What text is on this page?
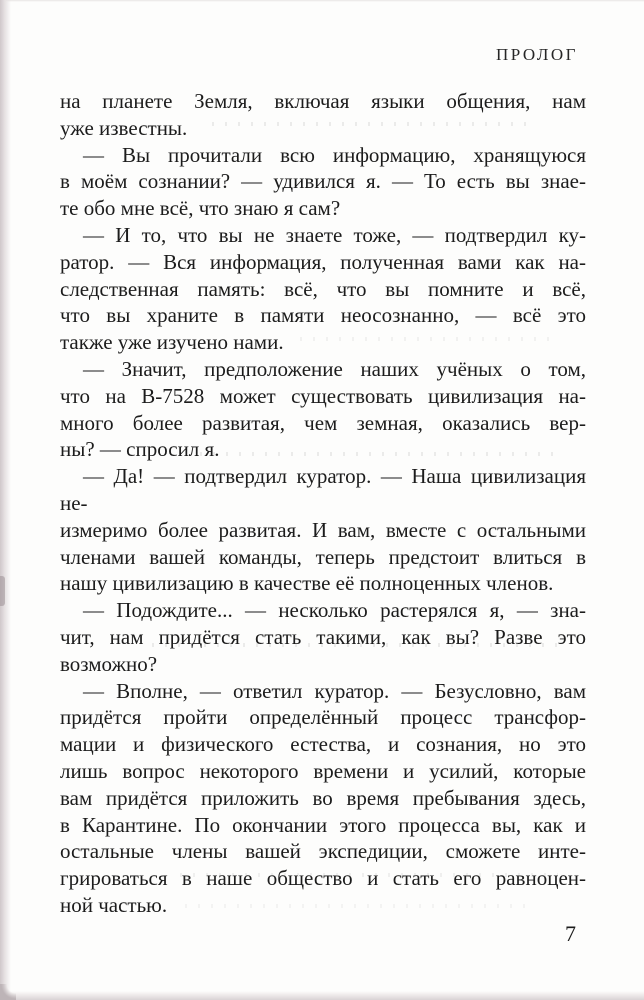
ПРОЛОГ
на планете Земля, включая языки общения, нам
уже известны.
— Вы прочитали всю информацию, хранящуюся
в моём сознании? — удивился я. — То есть вы знае-
те обо мне всё, что знаю я сам?
— И то, что вы не знаете тоже, — подтвердил ку-
ратор. — Вся информация, полученная вами как на-
следственная память: всё, что вы помните и всё,
что вы храните в памяти неосознанно, — всё это
также уже изучено нами.
— Значит, предположение наших учёных о том,
что на В-7528 может существовать цивилизация на-
много более развитая, чем земная, оказались вер-
ны? — спросил я.
— Да! — подтвердил куратор. — Наша цивилизация не-
измеримо более развитая. И вам, вместе с остальными
членами вашей команды, теперь предстоит влиться в
нашу цивилизацию в качестве её полноценных членов.
— Подождите... — несколько растерялся я, — зна-
чит, нам придётся стать такими, как вы? Разве это
возможно?
— Вполне, — ответил куратор. — Безусловно, вам
придётся пройти определённый процесс трансфор-
мации и физического естества, и сознания, но это
лишь вопрос некоторого времени и усилий, которые
вам придётся приложить во время пребывания здесь,
в Карантине. По окончании этого процесса вы, как и
остальные члены вашей экспедиции, сможете инте-
грироваться в наше общество и стать его равноцен-
ной частью.
7
